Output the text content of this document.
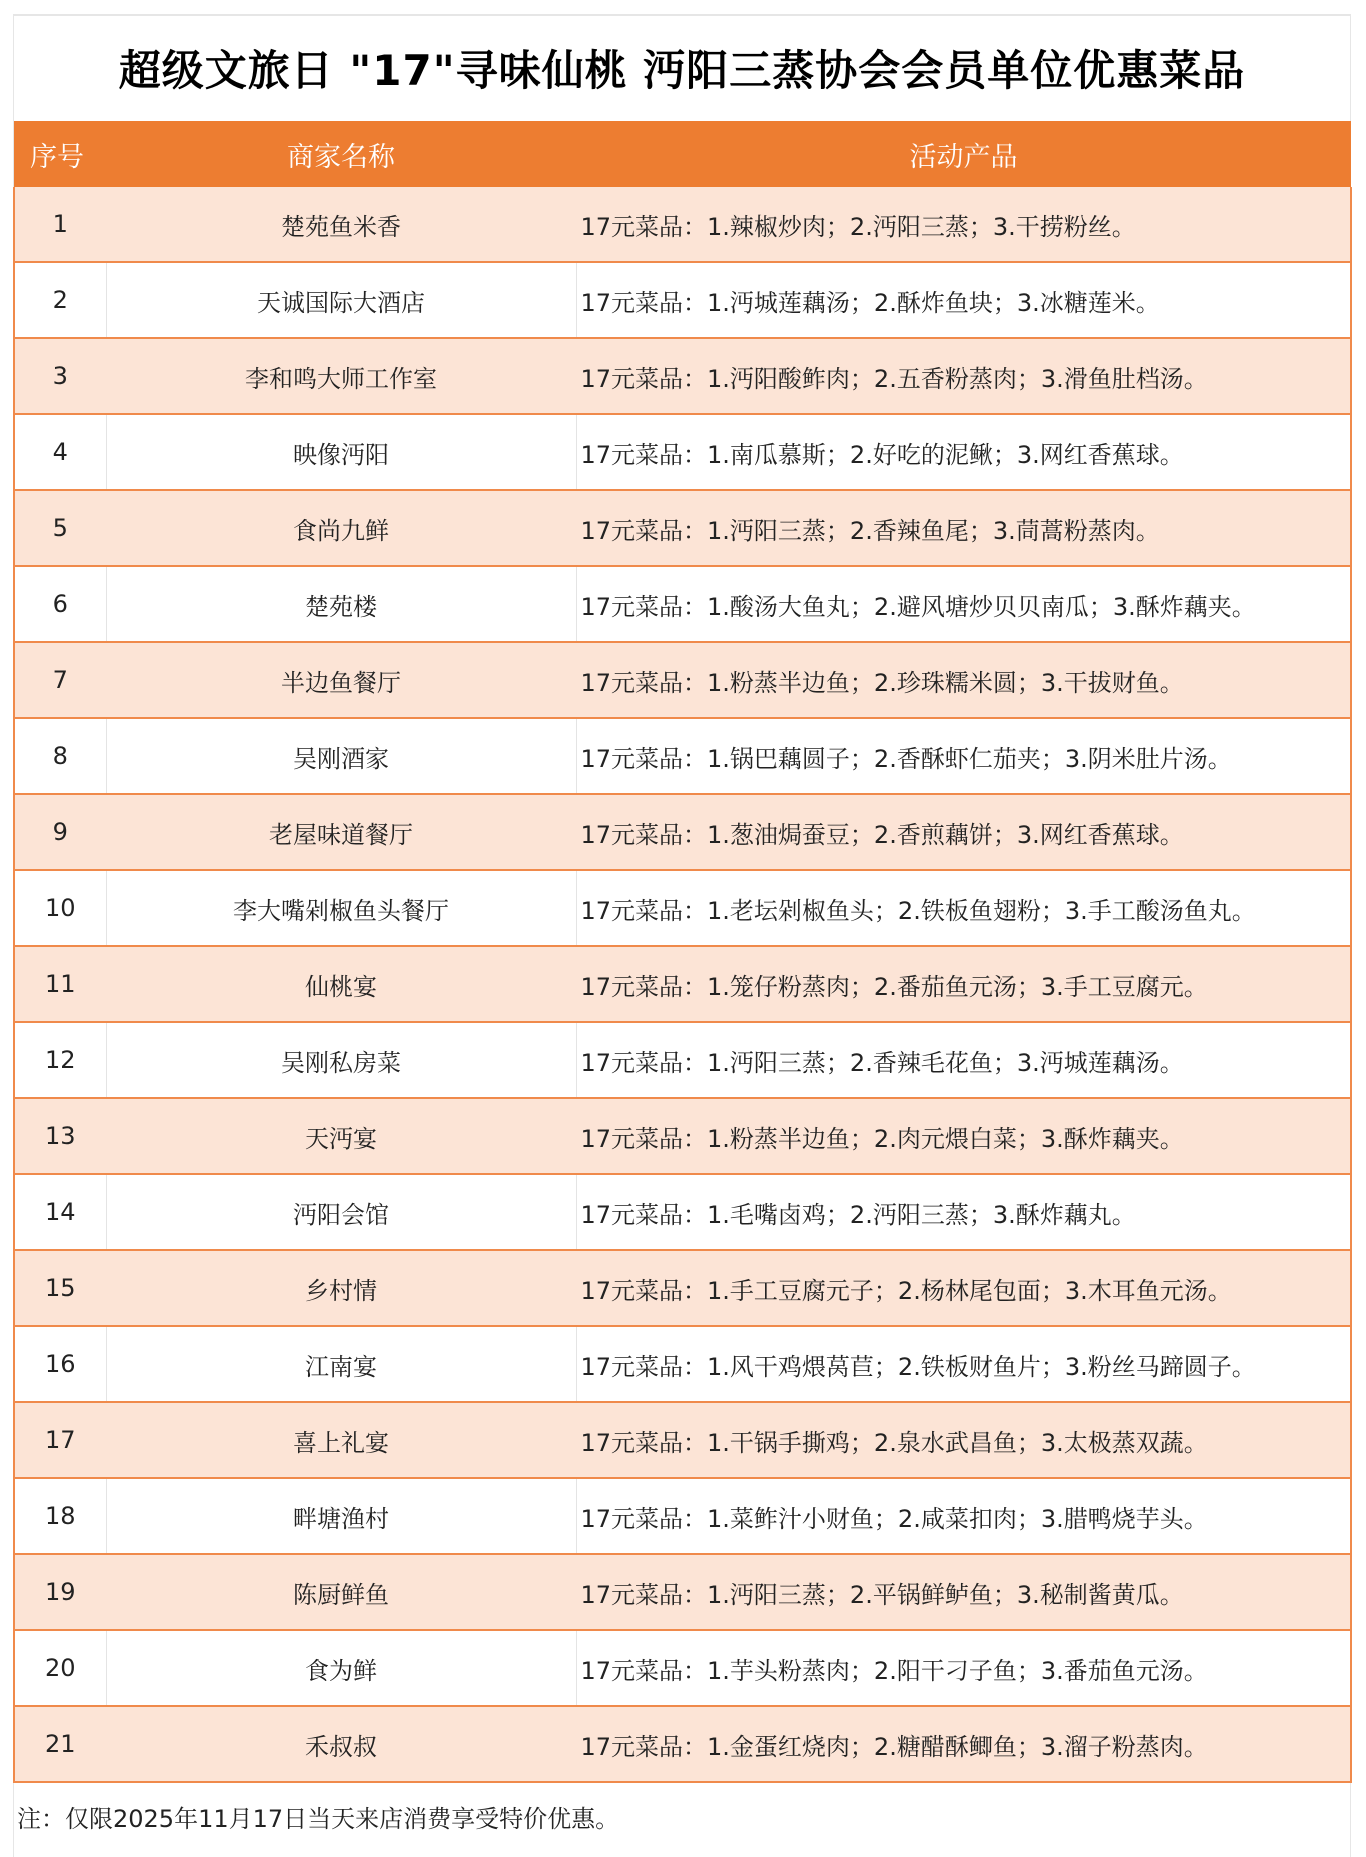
超级文旅日 "17"寻味仙桃 沔阳三蒸协会会员单位优惠菜品
序号	商家名称	活动产品
1	楚苑鱼米香	17元菜品：1.辣椒炒肉；2.沔阳三蒸；3.干捞粉丝。
2	天诚国际大酒店	17元菜品：1.沔城莲藕汤；2.酥炸鱼块；3.冰糖莲米。
3	李和鸣大师工作室	17元菜品：1.沔阳酸鲊肉；2.五香粉蒸肉；3.滑鱼肚档汤。
4	映像沔阳	17元菜品：1.南瓜慕斯；2.好吃的泥鳅；3.网红香蕉球。
5	食尚九鲜	17元菜品：1.沔阳三蒸；2.香辣鱼尾；3.茼蒿粉蒸肉。
6	楚苑楼	17元菜品：1.酸汤大鱼丸；2.避风塘炒贝贝南瓜；3.酥炸藕夹。
7	半边鱼餐厅	17元菜品：1.粉蒸半边鱼；2.珍珠糯米圆；3.干拔财鱼。
8	吴刚酒家	17元菜品：1.锅巴藕圆子；2.香酥虾仁茄夹；3.阴米肚片汤。
9	老屋味道餐厅	17元菜品：1.葱油焗蚕豆；2.香煎藕饼；3.网红香蕉球。
10	李大嘴剁椒鱼头餐厅	17元菜品：1.老坛剁椒鱼头；2.铁板鱼翅粉；3.手工酸汤鱼丸。
11	仙桃宴	17元菜品：1.笼仔粉蒸肉；2.番茄鱼元汤；3.手工豆腐元。
12	吴刚私房菜	17元菜品：1.沔阳三蒸；2.香辣毛花鱼；3.沔城莲藕汤。
13	天沔宴	17元菜品：1.粉蒸半边鱼；2.肉元煨白菜；3.酥炸藕夹。
14	沔阳会馆	17元菜品：1.毛嘴卤鸡；2.沔阳三蒸；3.酥炸藕丸。
15	乡村情	17元菜品：1.手工豆腐元子；2.杨林尾包面；3.木耳鱼元汤。
16	江南宴	17元菜品：1.风干鸡煨莴苣；2.铁板财鱼片；3.粉丝马蹄圆子。
17	喜上礼宴	17元菜品：1.干锅手撕鸡；2.泉水武昌鱼；3.太极蒸双蔬。
18	畔塘渔村	17元菜品：1.菜鲊汁小财鱼；2.咸菜扣肉；3.腊鸭烧芋头。
19	陈厨鲜鱼	17元菜品：1.沔阳三蒸；2.平锅鲜鲈鱼；3.秘制酱黄瓜。
20	食为鲜	17元菜品：1.芋头粉蒸肉；2.阳干刁子鱼；3.番茄鱼元汤。
21	禾叔叔	17元菜品：1.金蛋红烧肉；2.糖醋酥鲫鱼；3.溜子粉蒸肉。
注：仅限2025年11月17日当天来店消费享受特价优惠。
